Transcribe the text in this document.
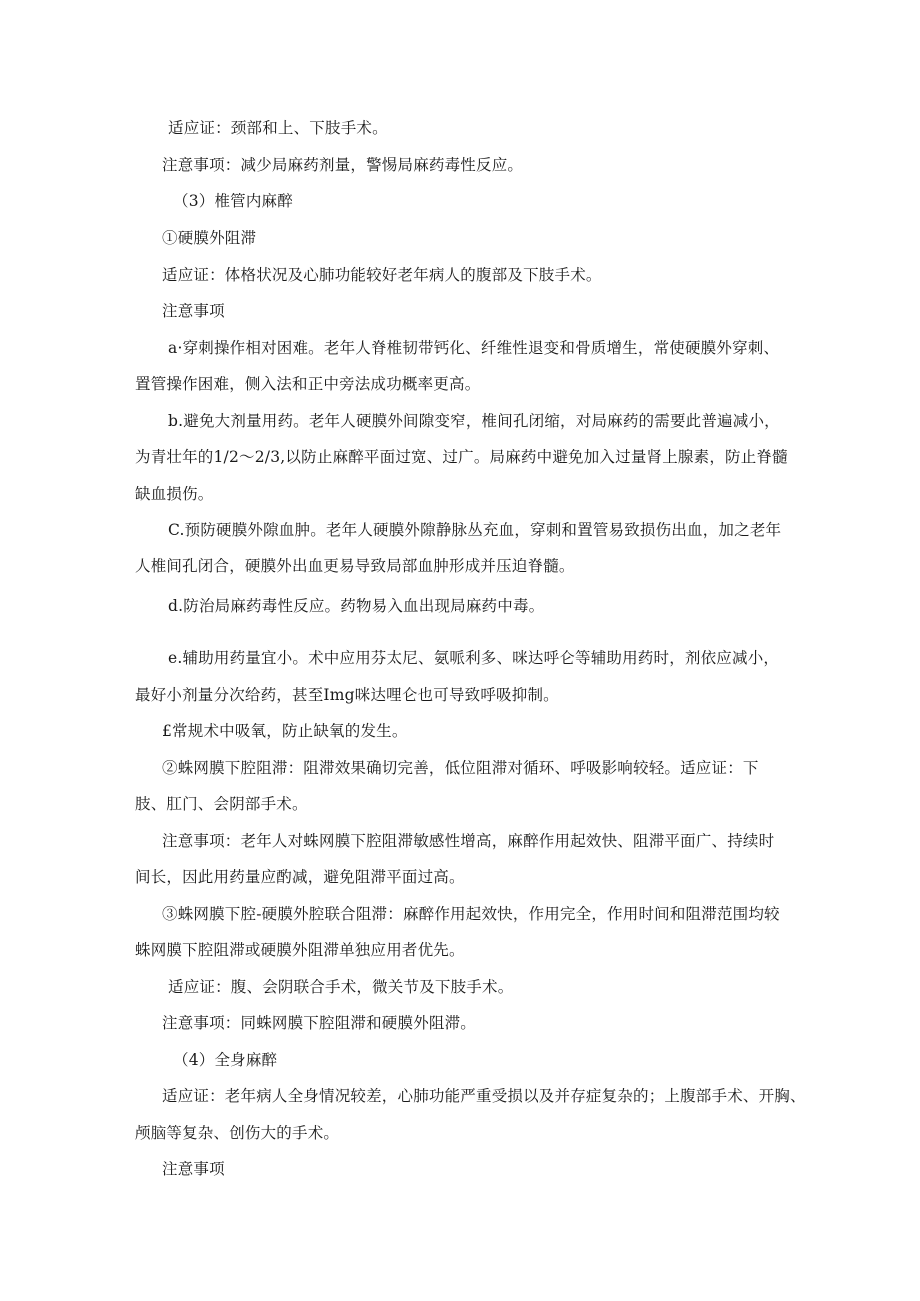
适应证：颈部和上、下肢手术。
注意事项：减少局麻药剂量，警惕局麻药毒性反应。
（3）椎管内麻醉
①硬膜外阻滞
适应证：体格状况及心肺功能较好老年病人的腹部及下肢手术。
注意事项
a·穿刺操作相对困难。老年人脊椎韧带钙化、纤维性退变和骨质增生，常使硬膜外穿刺、
置管操作困难，侧入法和正中旁法成功概率更高。
b.避免大剂量用药。老年人硬膜外间隙变窄，椎间孔闭缩，对局麻药的需要此普遍减小，
为青壮年的1/2～2/3,以防止麻醉平面过宽、过广。局麻药中避免加入过量肾上腺素，防止脊髓
缺血损伤。
C.预防硬膜外隙血肿。老年人硬膜外隙静脉丛充血，穿刺和置管易致损伤出血，加之老年
人椎间孔闭合，硬膜外出血更易导致局部血肿形成并压迫脊髓。
d.防治局麻药毒性反应。药物易入血出现局麻药中毒。
e.辅助用药量宜小。术中应用芬太尼、氨哌利多、咪达呼仑等辅助用药时，剂依应减小，
最好小剂量分次给药，甚至Img咪达哩仑也可导致呼吸抑制。
£常规术中吸氧，防止缺氧的发生。
②蛛网膜下腔阻滞：阻滞效果确切完善，低位阻滞对循环、呼吸影响较轻。适应证：下
肢、肛门、会阴部手术。
注意事项：老年人对蛛网膜下腔阻滞敏感性增高，麻醉作用起效快、阻滞平面广、持续时
间长，因此用药量应酌减，避免阻滞平面过高。
③蛛网膜下腔-硬膜外腔联合阻滞：麻醉作用起效快，作用完全，作用时间和阻滞范围均较
蛛网膜下腔阻滞或硬膜外阻滞单独应用者优先。
适应证：腹、会阴联合手术，微关节及下肢手术。
注意事项：同蛛网膜下腔阻滞和硬膜外阻滞。
（4）全身麻醉
适应证：老年病人全身情况较差，心肺功能严重受损以及并存症复杂的；上腹部手术、开胸、
颅脑等复杂、创伤大的手术。
注意事项
